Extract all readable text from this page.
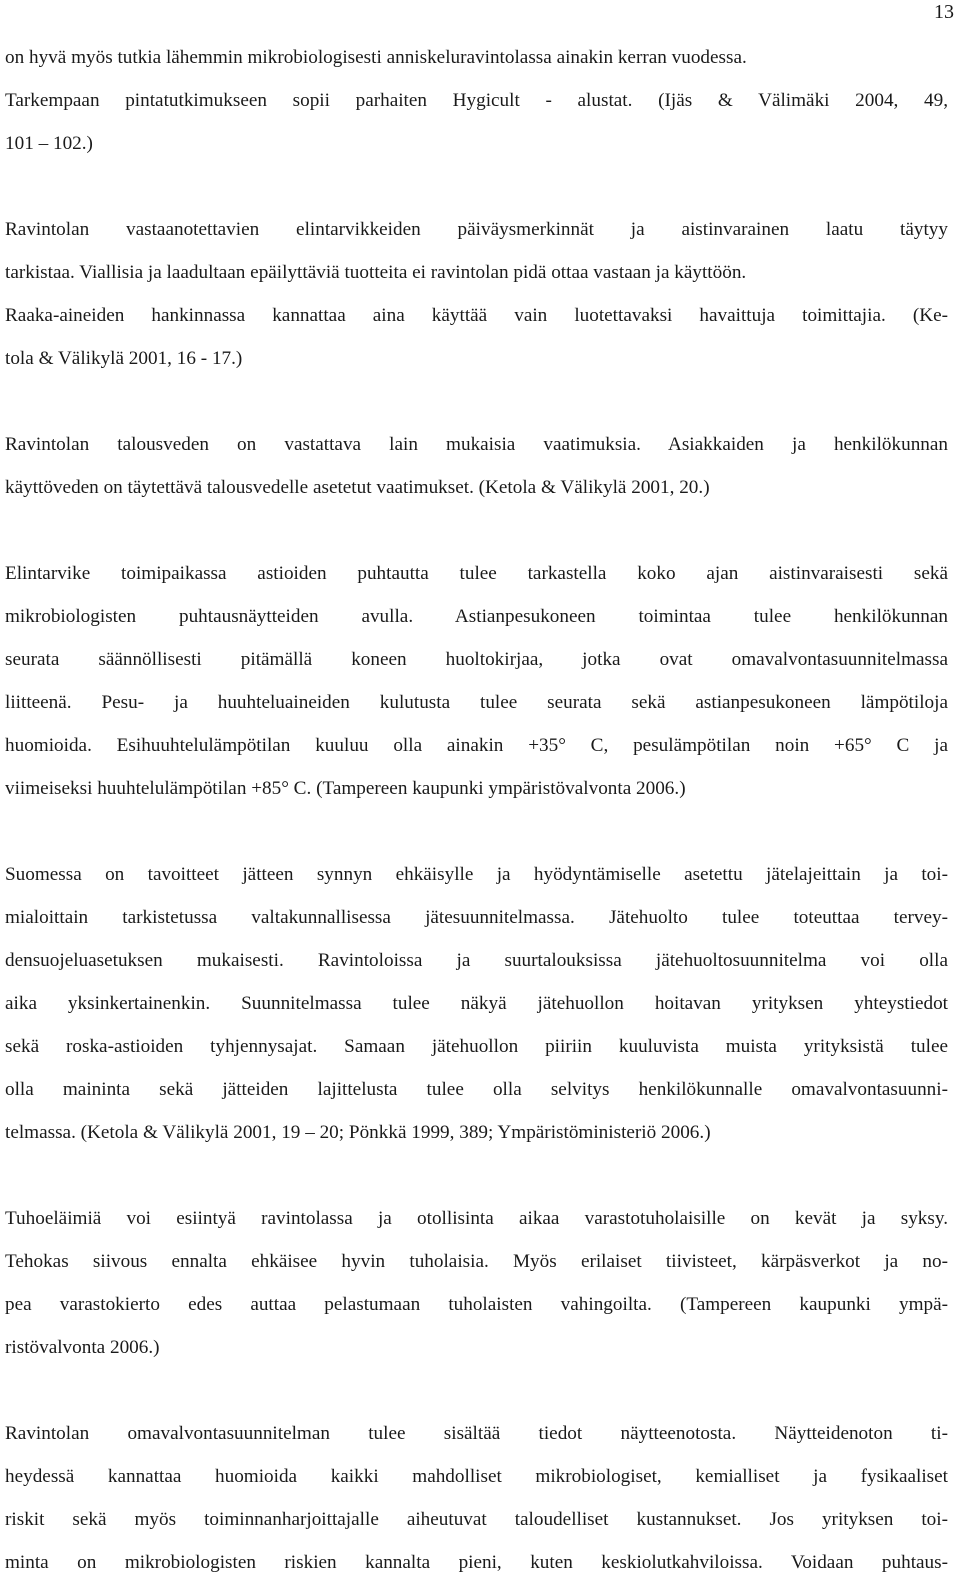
13
on hyvä myös tutkia lähemmin mikrobiologisesti anniskeluravintolassa ainakin kerran vuodessa.
Tarkempaan pintatutkimukseen sopii parhaiten Hygicult - alustat. (Ijäs & Välimäki 2004, 49,
101 – 102.)
Ravintolan vastaanotettavien elintarvikkeiden päiväysmerkinnät ja aistinvarainen laatu täytyy
tarkistaa. Viallisia ja laadultaan epäilyttäviä tuotteita ei ravintolan pidä ottaa vastaan ja käyttöön.
Raaka-aineiden hankinnassa kannattaa aina käyttää vain luotettavaksi havaittuja toimittajia. (Ke-
tola & Välikylä 2001, 16 - 17.)
Ravintolan talousveden on vastattava lain mukaisia vaatimuksia. Asiakkaiden ja henkilökunnan
käyttöveden on täytettävä talousvedelle asetetut vaatimukset. (Ketola & Välikylä 2001, 20.)
Elintarvike toimipaikassa astioiden puhtautta tulee tarkastella koko ajan aistinvaraisesti sekä
mikrobiologisten puhtausnäytteiden avulla. Astianpesukoneen toimintaa tulee henkilökunnan
seurata säännöllisesti pitämällä koneen huoltokirjaa, jotka ovat omavalvontasuunnitelmassa
liitteenä. Pesu- ja huuhteluaineiden kulutusta tulee seurata sekä astianpesukoneen lämpötiloja
huomioida. Esihuuhtelulämpötilan kuuluu olla ainakin +35° C, pesulämpötilan noin +65° C ja
viimeiseksi huuhtelulämpötilan +85° C. (Tampereen kaupunki ympäristövalvonta 2006.)
Suomessa on tavoitteet jätteen synnyn ehkäisylle ja hyödyntämiselle asetettu jätelajeittain ja toi-
mialoittain tarkistetussa valtakunnallisessa jätesuunnitelmassa. Jätehuolto tulee toteuttaa tervey-
densuojeluasetuksen mukaisesti. Ravintoloissa ja suurtalouksissa jätehuoltosuunnitelma voi olla
aika yksinkertainenkin. Suunnitelmassa tulee näkyä jätehuollon hoitavan yrityksen yhteystiedot
sekä roska-astioiden tyhjennysajat. Samaan jätehuollon piiriin kuuluvista muista yrityksistä tulee
olla maininta sekä jätteiden lajittelusta tulee olla selvitys henkilökunnalle omavalvontasuunni-
telmassa. (Ketola & Välikylä 2001, 19 – 20; Pönkkä 1999, 389; Ympäristöministeriö 2006.)
Tuhoeläimiä voi esiintyä ravintolassa ja otollisinta aikaa varastotuholaisille on kevät ja syksy.
Tehokas siivous ennalta ehkäisee hyvin tuholaisia. Myös erilaiset tiivisteet, kärpäsverkot ja no-
pea varastokierto edes auttaa pelastumaan tuholaisten vahingoilta. (Tampereen kaupunki ympä-
ristövalvonta 2006.)
Ravintolan omavalvontasuunnitelman tulee sisältää tiedot näytteenotosta. Näytteidenoton ti-
heydessä kannattaa huomioida kaikki mahdolliset mikrobiologiset, kemialliset ja fysikaaliset
riskit sekä myös toiminnanharjoittajalle aiheutuvat taloudelliset kustannukset. Jos yrityksen toi-
minta on mikrobiologisten riskien kannalta pieni, kuten keskiolutkahviloissa. Voidaan puhtaus-
